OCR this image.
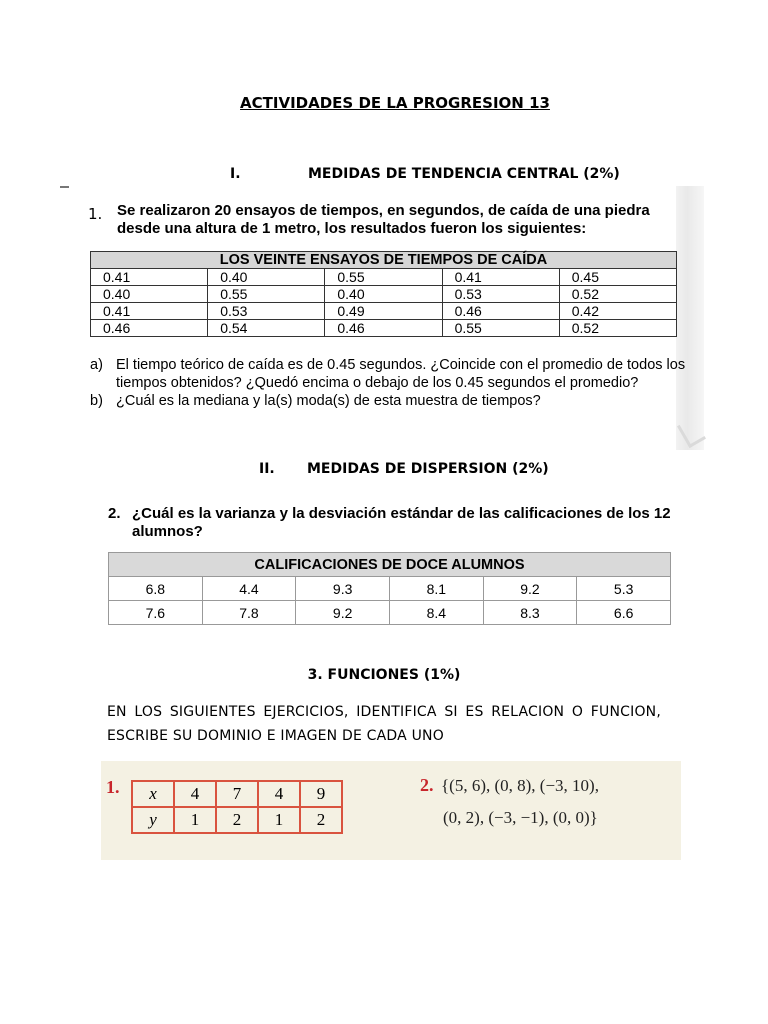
ACTIVIDADES DE LA PROGRESION 13
I.	MEDIDAS DE TENDENCIA CENTRAL (2%)
1. Se realizaron 20 ensayos de tiempos, en segundos, de caída de una piedra desde una altura de 1 metro, los resultados fueron los siguientes:
LOS VEINTE ENSAYOS DE TIEMPOS DE CAÍDA				
0.41	0.40	0.55	0.41	0.45
0.40	0.55	0.40	0.53	0.52
0.41	0.53	0.49	0.46	0.42
0.46	0.54	0.46	0.55	0.52
a) El tiempo teórico de caída es de 0.45 segundos. ¿Coincide con el promedio de todos los tiempos obtenidos? ¿Quedó encima o debajo de los 0.45 segundos el promedio?
b) ¿Cuál es la mediana y la(s) moda(s) de esta muestra de tiempos?
II. MEDIDAS DE DISPERSION (2%)
2. ¿Cuál es la varianza y la desviación estándar de las calificaciones de los 12 alumnos?
CALIFICACIONES DE DOCE ALUMNOS					
6.8	4.4	9.3	8.1	9.2	5.3
7.6	7.8	9.2	8.4	8.3	6.6
3. FUNCIONES (1%)
EN LOS SIGUIENTES EJERCICIOS, IDENTIFICA SI ES RELACION O FUNCION, ESCRIBE SU DOMINIO E IMAGEN DE CADA UNO
1. x	4	7	4	9
y	1	2	1	2
2. {(5, 6), (0, 8), (−3, 10),
(0, 2), (−3, −1), (0, 0)}
